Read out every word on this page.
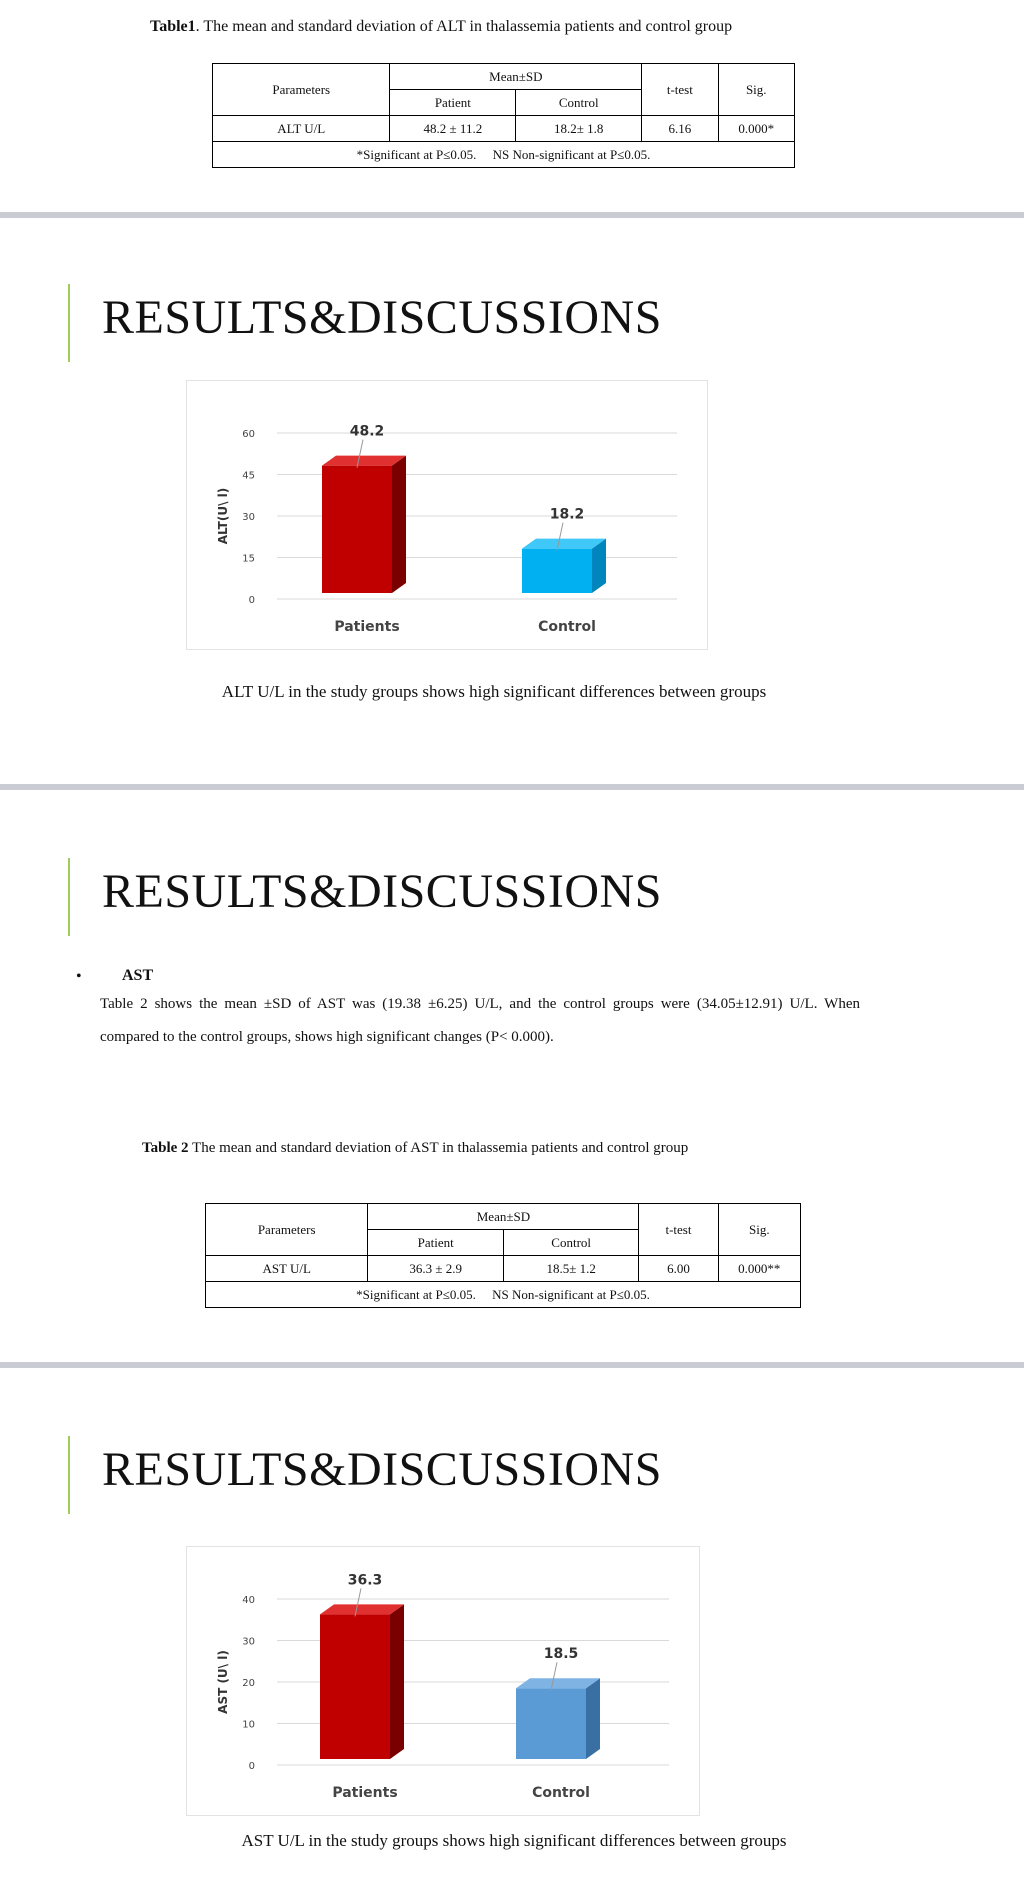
Table1. The mean and standard deviation of ALT in thalassemia patients and control group
Parameters	Mean±SD		t-test	Sig.
	Patient	Control		
ALT U/L	48.2 ± 11.2	18.2± 1.8	6.16	0.000*
*Significant at P≤0.05.     NS Non-significant at P≤0.05.				
RESULTS&DISCUSSIONS
0
15
30
45
60
ALT(U\ l)
48.2
Patients
18.2
Control
ALT U/L in the study groups shows high significant differences between groups
RESULTS&DISCUSSIONS
•	AST
Table 2 shows the mean ±SD of AST was (19.38 ±6.25) U/L, and the control groups were (34.05±12.91) U/L. When compared to the control groups, shows high significant changes (P< 0.000).
Table 2 The mean and standard deviation of AST in thalassemia patients and control group
Parameters	Mean±SD		t-test	Sig.
	Patient	Control		
AST U/L	36.3 ± 2.9	18.5± 1.2	6.00	0.000**
*Significant at P≤0.05.     NS Non-significant at P≤0.05.				
RESULTS&DISCUSSIONS
0
10
20
30
40
AST (U\ l)
36.3
Patients
18.5
Control
AST U/L in the study groups shows high significant differences between groups
